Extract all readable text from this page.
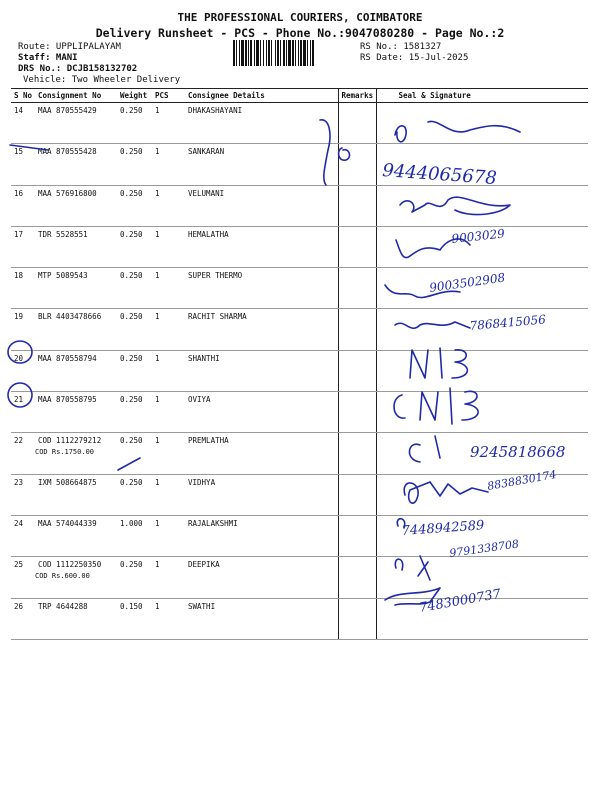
THE PROFESSIONAL COURIERS, COIMBATORE
Delivery Runsheet - PCS - Phone No.:9047080280 - Page No.:2
Route: UPPLIPALAYAM
Staff: MANI
DRS No.: DCJB158132702
Vehicle: Two Wheeler Delivery
RS No.: 1581327
RS Date: 15-Jul-2025
S No	Consignment No	Weight	PCS	Consignee Details	Remarks	Seal & Signature
14	MAA 870555429	0.250	1	DHAKASHAYANI		
15	MAA 870555428	0.250	1	SANKARAN		
16	MAA 576916800	0.250	1	VELUMANI		
17	TDR 5528551	0.250	1	HEMALATHA		
18	MTP 5089543	0.250	1	SUPER THERMO		
19	BLR 4403478666	0.250	1	RACHIT SHARMA		
20	MAA 870558794	0.250	1	SHANTHI		
21	MAA 870558795	0.250	1	OVIYA		
22	COD 1112279212
COD Rs.1750.00	0.250	1	PREMLATHA		
23	IXM 508664875	0.250	1	VIDHYA		
24	MAA 574044339	1.000	1	RAJALAKSHMI		
25	COD 1112250350
COD Rs.600.00	0.250	1	DEEPIKA		
26	TRP 4644288	0.150	1	SWATHI		
9444065678
9003029
9003502908
7868415056
9245818668
8838830174
7448942589
9791338708
7483000737
